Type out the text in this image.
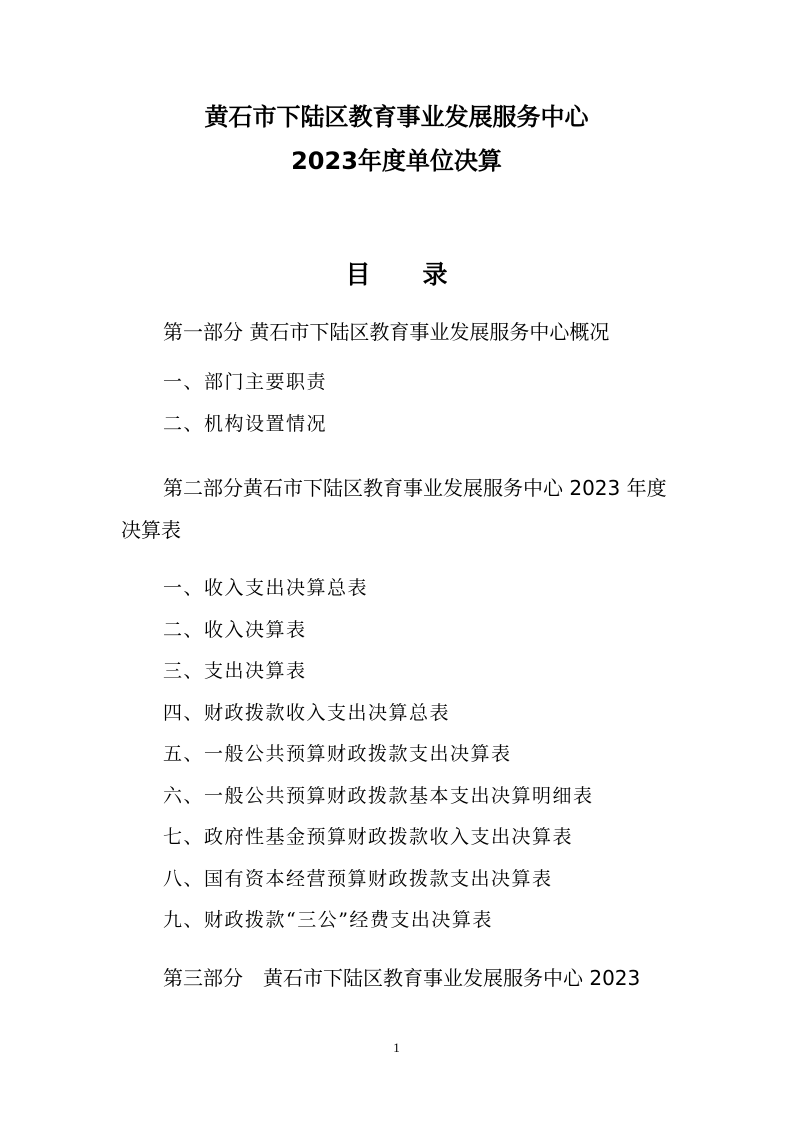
黄石市下陆区教育事业发展服务中心
2023年度单位决算
目 录

第一部分 黄石市下陆区教育事业发展服务中心概况

一、部门主要职责

二、机构设置情况

第二部分黄石市下陆区教育事业发展服务中心 2023 年度决算表

一、收入支出决算总表

二、收入决算表

三、支出决算表

四、财政拨款收入支出决算总表

五、一般公共预算财政拨款支出决算表

六、一般公共预算财政拨款基本支出决算明细表

七、政府性基金预算财政拨款收入支出决算表

八、国有资本经营预算财政拨款支出决算表

九、财政拨款“三公”经费支出决算表

第三部分　黄石市下陆区教育事业发展服务中心 2023

1
